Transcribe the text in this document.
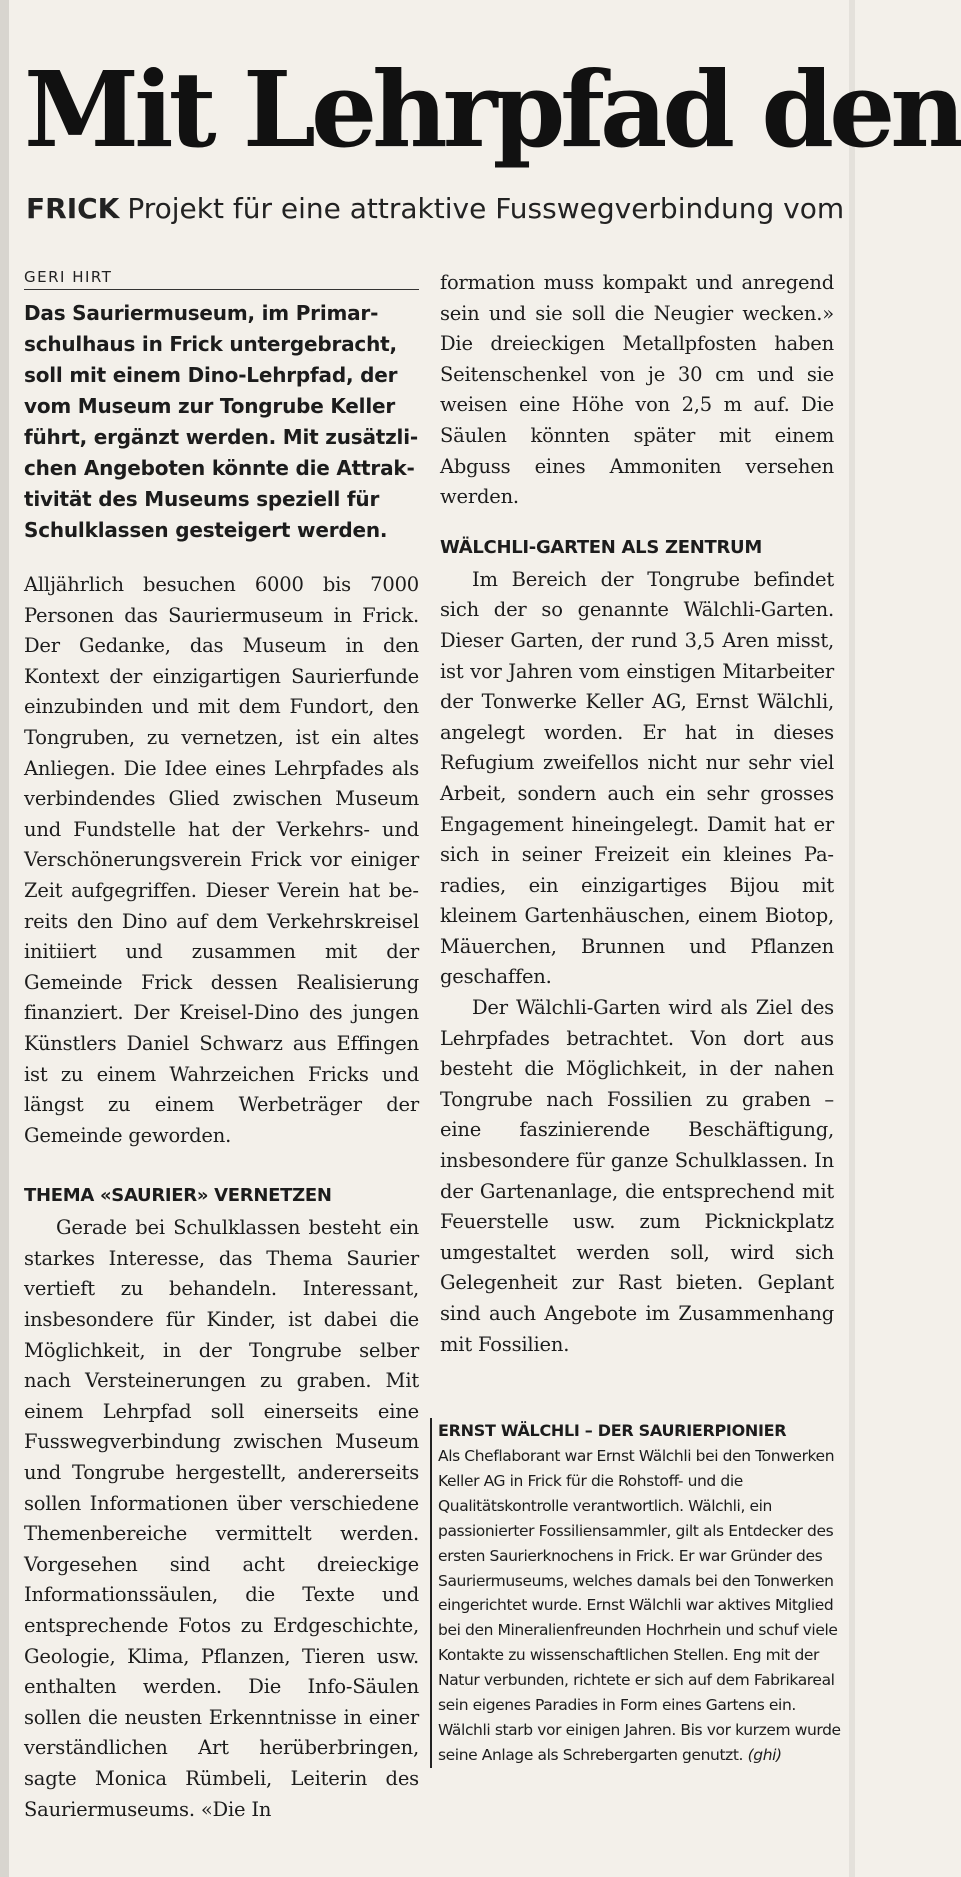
Mit Lehrpfad den
FRICK Projekt für eine attraktive Fusswegverbindung vom
GERI HIRT

Das Sauriermuseum, im Primarschulhaus in Frick untergebracht, soll mit einem Dino-Lehrpfad, der vom Museum zur Tongrube Keller führt, ergänzt werden. Mit zusätzlichen Angeboten könnte die Attraktivität des Museums speziell für Schulklassen gesteigert werden.

Alljährlich besuchen 6000 bis 7000 Personen das Sauriermuseum in Frick. Der Gedanke, das Museum in den Kontext der einzigartigen Saurierfunde einzubinden und mit dem Fundort, den Tongruben, zu vernetzen, ist ein altes Anliegen. Die Idee eines Lehrpfades als verbindendes Glied zwischen Museum und Fundstelle hat der Verkehrs- und Verschönerungsverein Frick vor einiger Zeit aufgegriffen. Dieser Verein hat bereits den Dino auf dem Verkehrskreisel initiiert und zusammen mit der Gemeinde Frick dessen Realisierung finanziert. Der Kreisel-Dino des jungen Künstlers Daniel Schwarz aus Effingen ist zu einem Wahrzeichen Fricks und längst zu einem Werbeträger der Gemeinde geworden.

THEMA «SAURIER» VERNETZEN

Gerade bei Schulklassen besteht ein starkes Interesse, das Thema Saurier vertieft zu behandeln. Interessant, insbesondere für Kinder, ist dabei die Möglichkeit, in der Tongrube selber nach Versteinerungen zu graben. Mit einem Lehrpfad soll einerseits eine Fusswegverbindung zwischen Museum und Tongrube hergestellt, andererseits sollen Informationen über verschiedene Themenbereiche vermittelt werden. Vorgesehen sind acht dreieckige Informationssäulen, die Texte und entsprechende Fotos zu Erdgeschichte, Geologie, Klima, Pflanzen, Tieren usw. enthalten werden. Die Info-Säulen sollen die neusten Erkenntnisse in einer verständlichen Art herüberbringen, sagte Monica Rümbeli, Leiterin des Sauriermuseums. «Die In

formation muss kompakt und anregend sein und sie soll die Neugier wecken.» Die dreieckigen Metallpfosten haben Seitenschenkel von je 30 cm und sie weisen eine Höhe von 2,5 m auf. Die Säulen könnten später mit einem Abguss eines Ammoniten versehen werden.

WÄLCHLI-GARTEN ALS ZENTRUM

Im Bereich der Tongrube befindet sich der so genannte Wälchli-Garten. Dieser Garten, der rund 3,5 Aren misst, ist vor Jahren vom einstigen Mitarbeiter der Tonwerke Keller AG, Ernst Wälchli, angelegt worden. Er hat in dieses Refugium zweifellos nicht nur sehr viel Arbeit, sondern auch ein sehr grosses Engagement hineingelegt. Damit hat er sich in seiner Freizeit ein kleines Paradies, ein einzigartiges Bijou mit kleinem Gartenhäuschen, einem Biotop, Mäuerchen, Brunnen und Pflanzen geschaffen.

Der Wälchli-Garten wird als Ziel des Lehrpfades betrachtet. Von dort aus besteht die Möglichkeit, in der nahen Tongrube nach Fossilien zu graben – eine faszinierende Beschäftigung, insbesondere für ganze Schulklassen. In der Gartenanlage, die entsprechend mit Feuerstelle usw. zum Picknickplatz umgestaltet werden soll, wird sich Gelegenheit zur Rast bieten. Geplant sind auch Angebote im Zusammenhang mit Fossilien.

ERNST WÄLCHLI – DER SAURIERPIONIER

Als Cheflaborant war Ernst Wälchli bei den Tonwerken Keller AG in Frick für die Rohstoff- und die Qualitätskontrolle verantwortlich. Wälchli, ein passionierter Fossiliensammler, gilt als Entdecker des ersten Saurierknochens in Frick. Er war Gründer des Sauriermuseums, welches damals bei den Tonwerken eingerichtet wurde. Ernst Wälchli war aktives Mitglied bei den Mineralienfreunden Hochrhein und schuf viele Kontakte zu wissenschaftlichen Stellen. Eng mit der Natur verbunden, richtete er sich auf dem Fabrikareal sein eigenes Paradies in Form eines Gartens ein. Wälchli starb vor einigen Jahren. Bis vor kurzem wurde seine Anlage als Schrebergarten genutzt. (ghi)
